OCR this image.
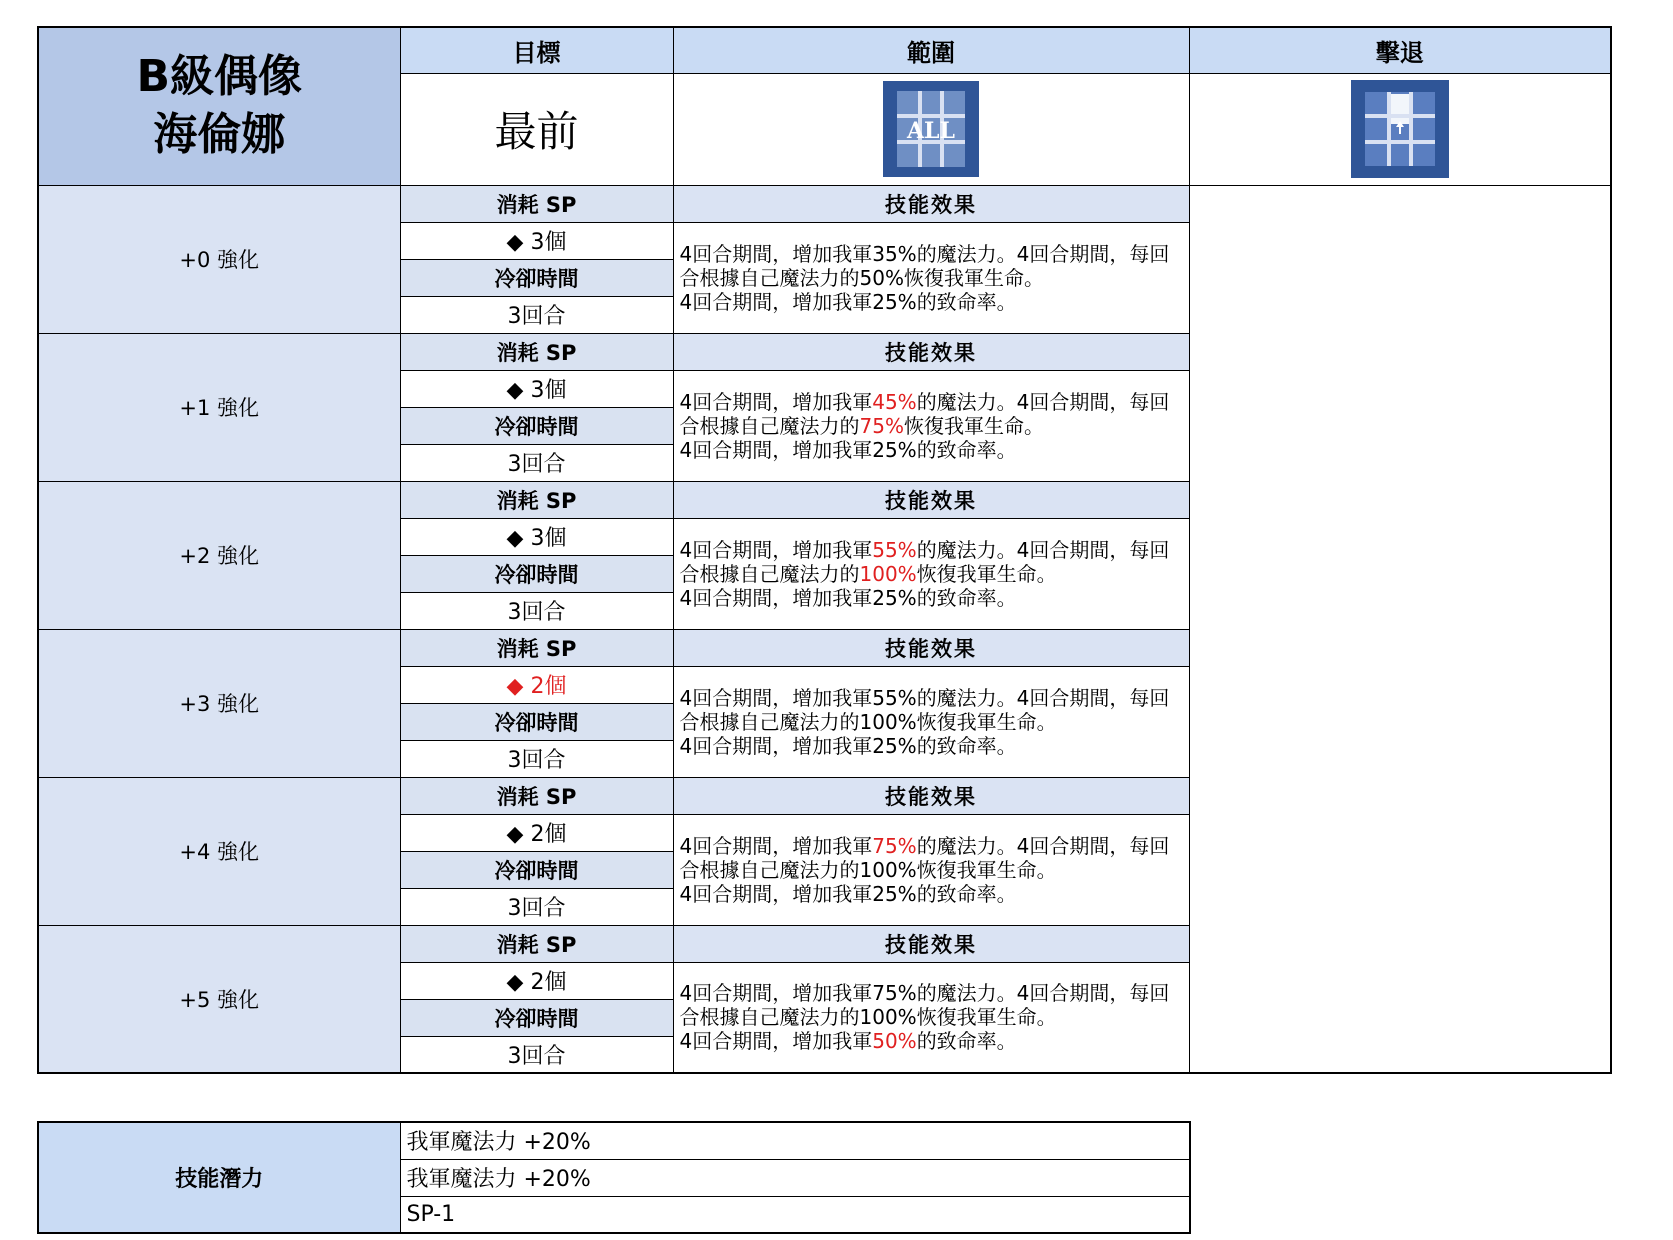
B級偶像
海倫娜	目標	範圍	擊退
	最前	ALL

+0 強化	消耗 SP	技能效果	
	◆ 3個	4回合期間，增加我軍35%的魔法力。4回合期間，每回合根據自己魔法力的50%恢復我軍生命。
4回合期間，增加我軍25%的致命率。	

	冷卻時間		
	3回合		
+1 強化	消耗 SP	技能效果	
	◆ 3個	4回合期間，增加我軍45%的魔法力。4回合期間，每回合根據自己魔法力的75%恢復我軍生命。
4回合期間，增加我軍25%的致命率。	

	冷卻時間		
	3回合		
+2 強化	消耗 SP	技能效果	
	◆ 3個	4回合期間，增加我軍55%的魔法力。4回合期間，每回合根據自己魔法力的100%恢復我軍生命。
4回合期間，增加我軍25%的致命率。	

	冷卻時間		
	3回合		
+3 強化	消耗 SP	技能效果	
	◆ 2個	4回合期間，增加我軍55%的魔法力。4回合期間，每回合根據自己魔法力的100%恢復我軍生命。
4回合期間，增加我軍25%的致命率。	

	冷卻時間		
	3回合		
+4 強化	消耗 SP	技能效果	
	◆ 2個	4回合期間，增加我軍75%的魔法力。4回合期間，每回合根據自己魔法力的100%恢復我軍生命。
4回合期間，增加我軍25%的致命率。	

	冷卻時間		
	3回合		
+5 強化	消耗 SP	技能效果	
	◆ 2個	4回合期間，增加我軍75%的魔法力。4回合期間，每回合根據自己魔法力的100%恢復我軍生命。
4回合期間，增加我軍50%的致命率。	

	冷卻時間		
	3回合		
技能潛力	我軍魔法力 +20%
我軍魔法力 +20%
SP-1
